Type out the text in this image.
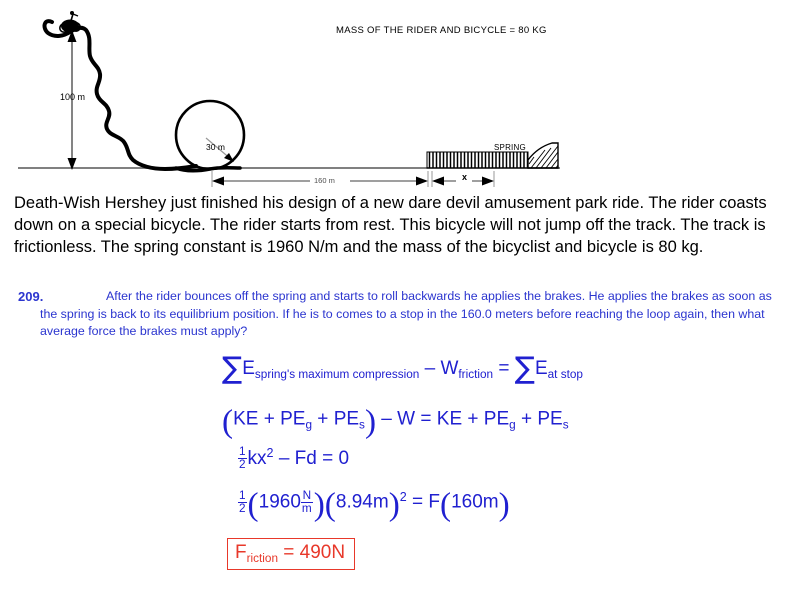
MASS OF THE RIDER AND BICYCLE = 80 KG
100 m
30 m
160 m	x
SPRING
Death-Wish Hershey just finished his design of a new dare devil amusement park ride. The rider coasts down on a special bicycle. The rider starts from rest. This bicycle will not jump off the track. The track is frictionless. The spring constant is 1960 N/m and the mass of the bicyclist and bicycle is 80 kg.
209.	After the rider bounces off the spring and starts to roll backwards he applies the brakes. He applies the brakes as soon as the spring is back to its equilibrium position. If he is to comes to a stop in the 160.0 meters before reaching the loop again, then what average force the brakes must apply?
$\sum E_{spring's maximum compression} - W_{friction} = \sum E_{at stop}$
$(KE + PE_g + PE_s) - W$ = KE + $PE_g + PE_s$
$\frac{1}{2} kx^2 - Fd = 0$
$\frac{1}{2} (1960 \frac{N}{m} )(8.94m)^2 = F(160m)$
$F_{riction} = 490N$
